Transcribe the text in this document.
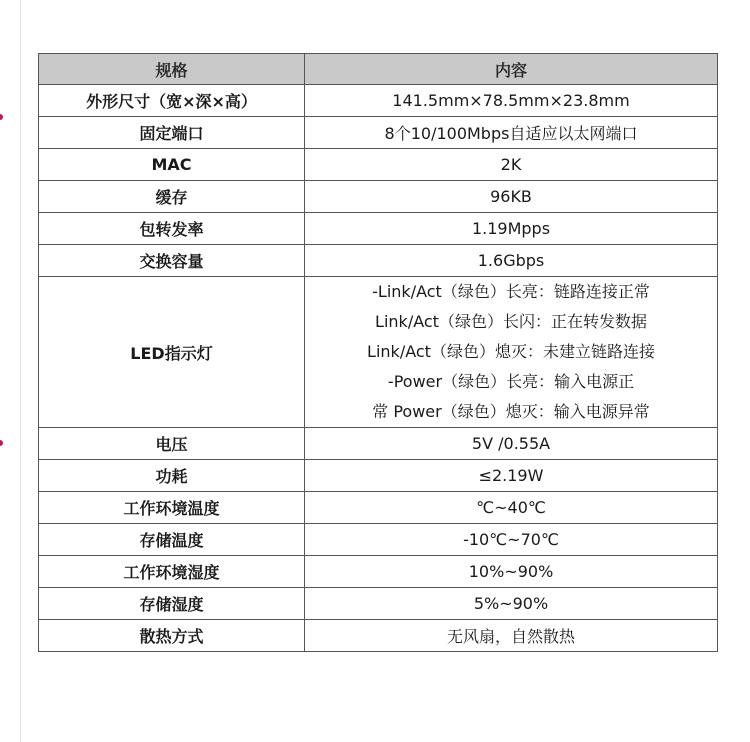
规格	内容
外形尺寸（宽×深×高）	141.5mm×78.5mm×23.8mm
固定端口	8个10/100Mbps自适应以太网端口
MAC	2K
缓存	96KB
包转发率	1.19Mpps
交换容量	1.6Gbps
LED指示灯	-Link/Act（绿色）长亮：链路连接正常
Link/Act（绿色）长闪：正在转发数据
Link/Act（绿色）熄灭：未建立链路连接
-Power（绿色）长亮：输入电源正
常 Power（绿色）熄灭：输入电源异常

电压	5V /0.55A
功耗	≤2.19W
工作环境温度	℃~40℃
存储温度	-10℃~70℃
工作环境湿度	10%~90%
存储湿度	5%~90%
散热方式	无风扇，自然散热
